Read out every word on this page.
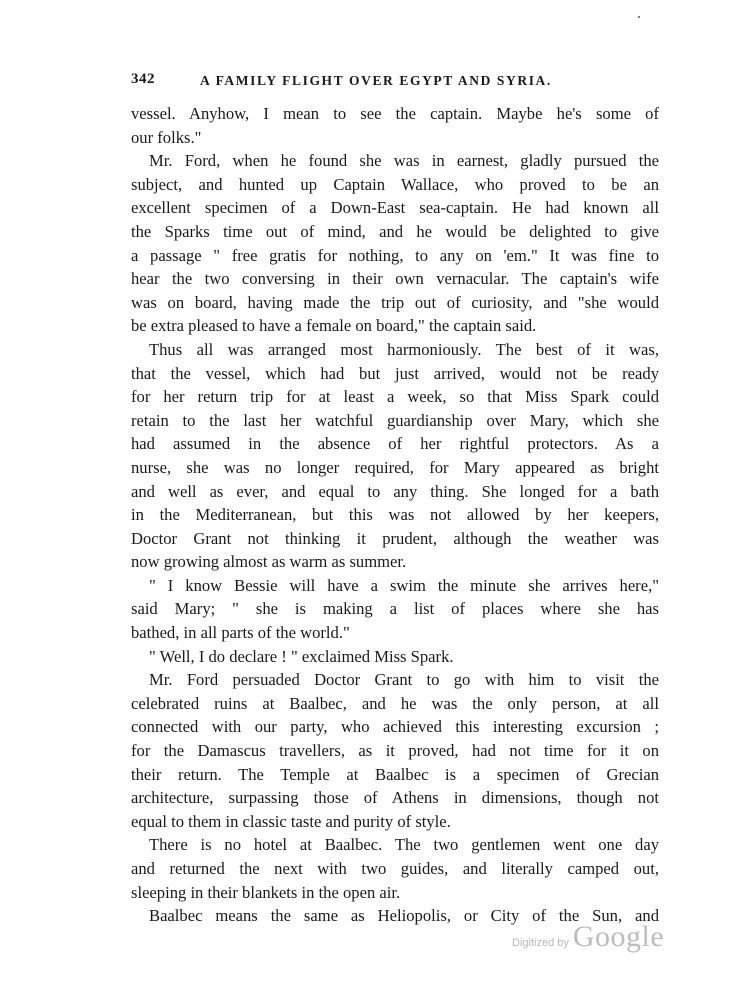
342	A FAMILY FLIGHT OVER EGYPT AND SYRIA.
vessel. Anyhow, I mean to see the captain. Maybe he's some of
our folks."
Mr. Ford, when he found she was in earnest, gladly pursued the
subject, and hunted up Captain Wallace, who proved to be an
excellent specimen of a Down-East sea-captain. He had known all
the Sparks time out of mind, and he would be delighted to give
a passage " free gratis for nothing, to any on 'em." It was fine to
hear the two conversing in their own vernacular. The captain's wife
was on board, having made the trip out of curiosity, and "she would
be extra pleased to have a female on board," the captain said.
Thus all was arranged most harmoniously. The best of it was,
that the vessel, which had but just arrived, would not be ready
for her return trip for at least a week, so that Miss Spark could
retain to the last her watchful guardianship over Mary, which she
had assumed in the absence of her rightful protectors. As a
nurse, she was no longer required, for Mary appeared as bright
and well as ever, and equal to any thing. She longed for a bath
in the Mediterranean, but this was not allowed by her keepers,
Doctor Grant not thinking it prudent, although the weather was
now growing almost as warm as summer.
" I know Bessie will have a swim the minute she arrives here,"
said Mary; " she is making a list of places where she has
bathed, in all parts of the world."
" Well, I do declare ! " exclaimed Miss Spark.
Mr. Ford persuaded Doctor Grant to go with him to visit the
celebrated ruins at Baalbec, and he was the only person, at all
connected with our party, who achieved this interesting excursion ;
for the Damascus travellers, as it proved, had not time for it on
their return. The Temple at Baalbec is a specimen of Grecian
architecture, surpassing those of Athens in dimensions, though not
equal to them in classic taste and purity of style.
There is no hotel at Baalbec. The two gentlemen went one day
and returned the next with two guides, and literally camped out,
sleeping in their blankets in the open air.
Baalbec means the same as Heliopolis, or City of the Sun, and
Digitized by Google
